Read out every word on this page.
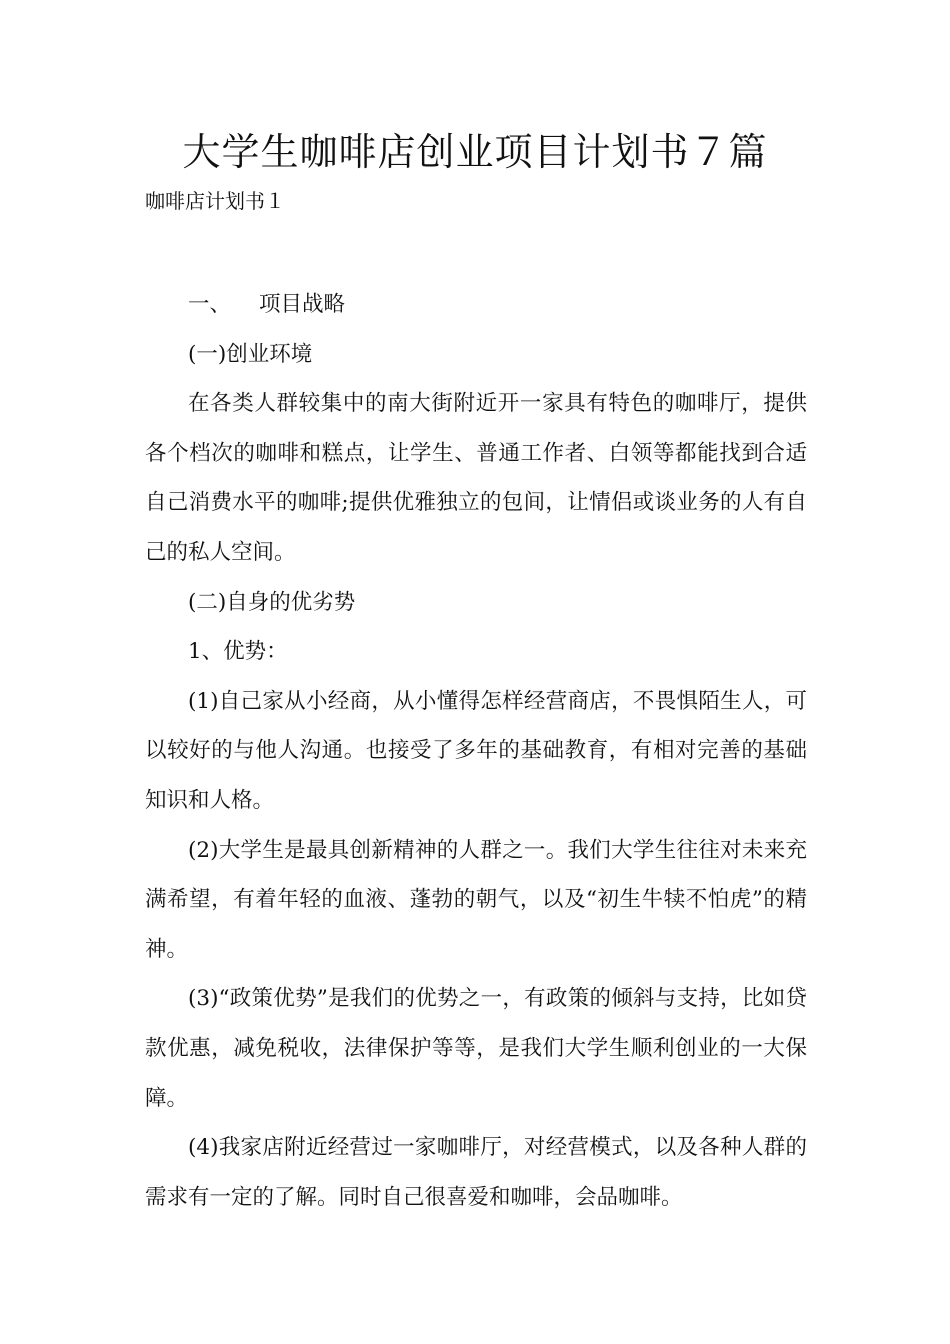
大学生咖啡店创业项目计划书７篇
咖啡店计划书１

一、 项目战略

(一)创业环境

在各类人群较集中的南大街附近开一家具有特色的咖啡厅，提供各个档次的咖啡和糕点，让学生、普通工作者、白领等都能找到合适自己消费水平的咖啡;提供优雅独立的包间，让情侣或谈业务的人有自己的私人空间。

(二)自身的优劣势

1、优势：

(1)自己家从小经商，从小懂得怎样经营商店，不畏惧陌生人，可以较好的与他人沟通。也接受了多年的基础教育，有相对完善的基础知识和人格。

(2)大学生是最具创新精神的人群之一。我们大学生往往对未来充满希望，有着年轻的血液、蓬勃的朝气，以及“初生牛犊不怕虎”的精神。

(3)“政策优势”是我们的优势之一，有政策的倾斜与支持，比如贷款优惠，减免税收，法律保护等等，是我们大学生顺利创业的一大保障。

(4)我家店附近经营过一家咖啡厅，对经营模式，以及各种人群的需求有一定的了解。同时自己很喜爱和咖啡，会品咖啡。
